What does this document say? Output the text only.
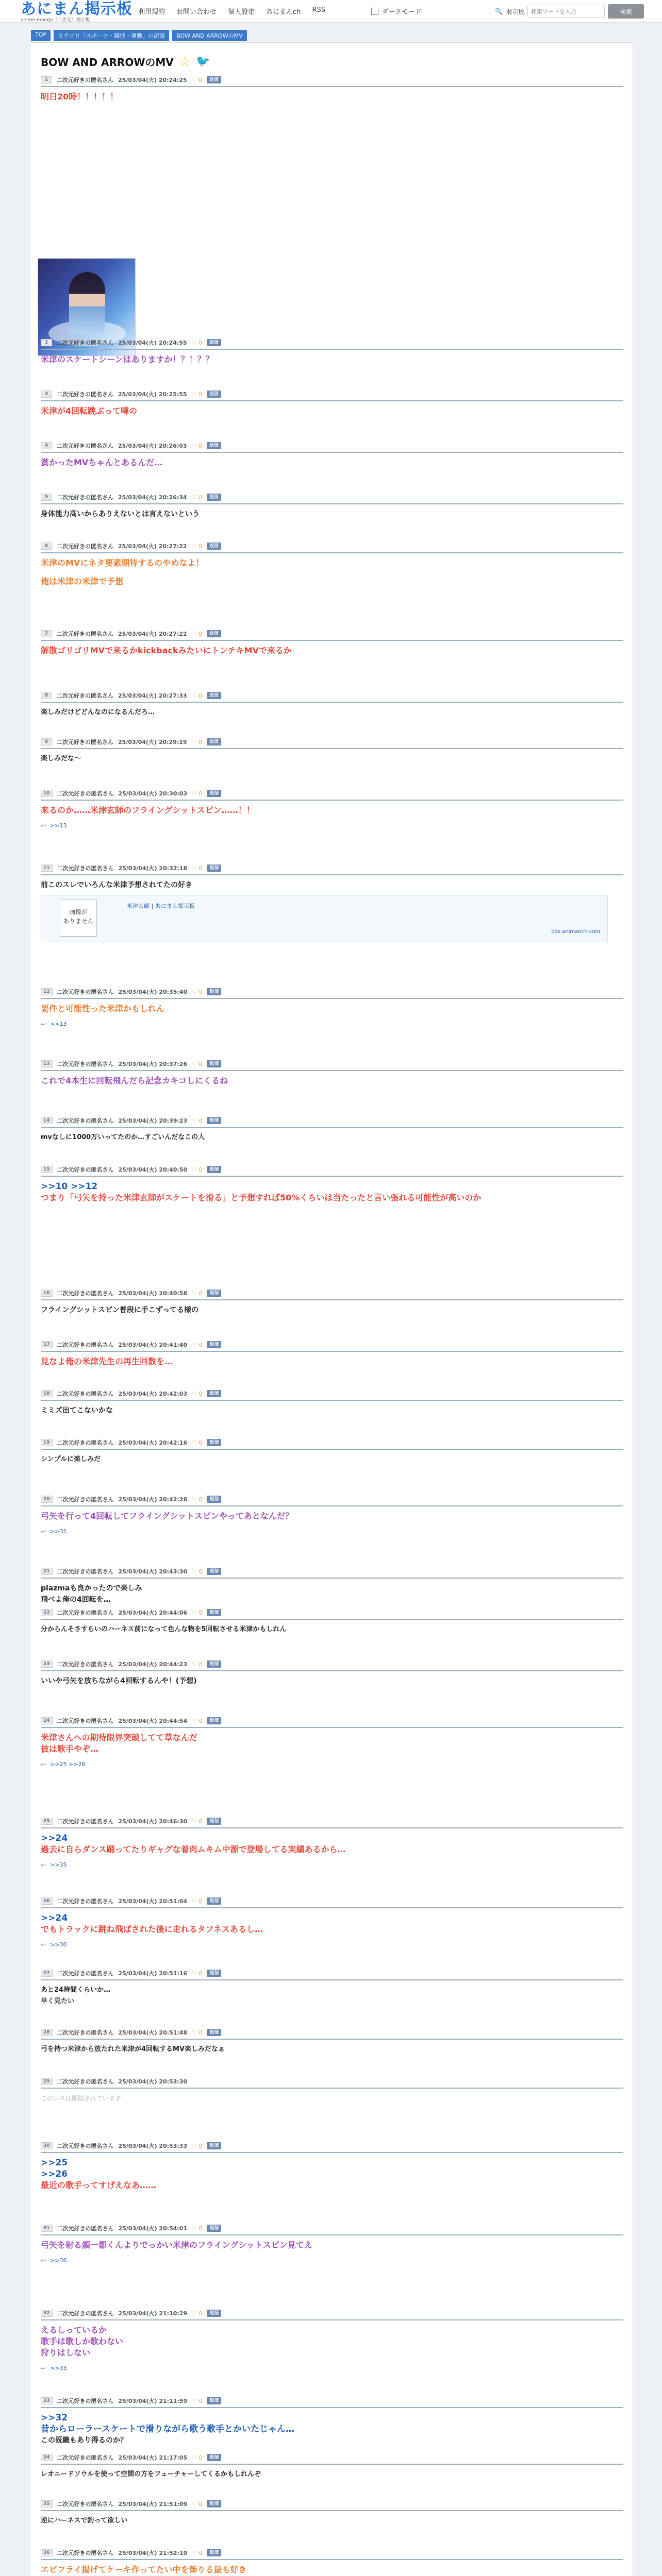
あにまん掲示板
anime-manga（二次元）掲示板
利用規約 お問い合わせ 個人設定 あにまんch RSS	ダークモード	🔍 掲示板
検索ワードを入力	検索
TOP	カテゴリ「スポーツ・競技・運動」の記事	BOW AND ARROWのMV
BOW AND ARROWのMV ☆ 🐦
1	二次元好きの匿名さん 25/03/04(火) 20:24:25 ♡ 0	返信
明日20時！！！！！
2	二次元好きの匿名さん 25/03/04(火) 20:24:55 ♡ 0	返信
米津のスケートシーンはありますか！？！？？
3	二次元好きの匿名さん 25/03/04(火) 20:25:55 ♡ 0	返信
米津が4回転跳ぶって噂の
4	二次元好きの匿名さん 25/03/04(火) 20:26:03 ♡ 0	返信
賞かったMVちゃんとあるんだ…
5	二次元好きの匿名さん 25/03/04(火) 20:26:34 ♡ 0	返信
身体能力高いからありえないとは言えないという
6	二次元好きの匿名さん 25/03/04(火) 20:27:22 ♡ 0	返信
米津のMVにネタ要素期待するのやめなよ！
俺は米津の米津で予想
7	二次元好きの匿名さん 25/03/04(火) 20:27:22 ♡ 0	返信
解散ゴリゴリMVで来るかkickbackみたいにトンチキMVで来るか
8	二次元好きの匿名さん 25/03/04(火) 20:27:33 ♡ 0	返信
楽しみだけどどんなのになるんだろ…
9	二次元好きの匿名さん 25/03/04(火) 20:29:19 ♡ 0	返信
楽しみだな〜
10	二次元好きの匿名さん 25/03/04(火) 20:30:03 ♡ 0	返信
来るのか……米津玄師のフライングシットスピン……！！
↩ >>13
11	二次元好きの匿名さん 25/03/04(火) 20:32:18 ♡ 0	返信
前このスレでいろんな米津予想されてたの好き
画像が
ありません
米津玄師 | あにまん掲示板
bbs.animanch.com
12	二次元好きの匿名さん 25/03/04(火) 20:35:40 ♡ 0	返信
要件と可能性った米津かもしれん
↩ >>13
13	二次元好きの匿名さん 25/03/04(火) 20:37:26 ♡ 0	返信
これで4本生に回転飛んだら記念カキコしにくるね
14	二次元好きの匿名さん 25/03/04(火) 20:39:23 ♡ 0	返信
mvなしに1000万いってたのか…すごいんだなこの人
15	二次元好きの匿名さん 25/03/04(火) 20:40:50 ♡ 0	返信
>>10 >>12
つまり「弓矢を持った米津玄師がスケートを滑る」と予想すれば50%くらいは当たったと言い張れる可能性が高いのか
16	二次元好きの匿名さん 25/03/04(火) 20:40:58 ♡ 0	返信
フライングシットスピン普段に手こずってる様の
17	二次元好きの匿名さん 25/03/04(火) 20:41:40 ♡ 0	返信
見なよ俺の米津先生の再生回数を…
18	二次元好きの匿名さん 25/03/04(火) 20:42:03 ♡ 0	返信
ミミズ出てこないかな
19	二次元好きの匿名さん 25/03/04(火) 20:42:16 ♡ 0	返信
シンプルに楽しみだ
20	二次元好きの匿名さん 25/03/04(火) 20:42:28 ♡ 0	返信
弓矢を行って4回転してフライングシットスピンやってあとなんだ？
↩ >>31
21	二次元好きの匿名さん 25/03/04(火) 20:43:30 ♡ 0	返信
plazmaも良かったので楽しみ
飛べよ俺の4回転を…
22	二次元好きの匿名さん 25/03/04(火) 20:44:06 ♡ 0	返信
分からんそさすらいのハーネス前になって色んな物を5回転させる米津かもしれん
23	二次元好きの匿名さん 25/03/04(火) 20:44:23 ♡ 0	返信
いいや弓矢を放ちながら4回転するんや！(予想)
24	二次元好きの匿名さん 25/03/04(火) 20:44:54 ♡ 0	返信
米津さんへの期待限界突破してて草なんだ
彼は歌手やぞ…
↩ >>25 >>26
25	二次元好きの匿名さん 25/03/04(火) 20:46:30 ♡ 0	返信
>>24
過去に自らダンス踊ってたりギャグな着肉ムキム中源で登場してる実績あるから…
↩ >>35
26	二次元好きの匿名さん 25/03/04(火) 20:51:04 ♡ 0	返信
>>24
でもトラックに跳ね飛ばされた後に走れるタフネスあるし…
↩ >>30
27	二次元好きの匿名さん 25/03/04(火) 20:51:16 ♡ 0	返信
あと24時間くらいか…
早く見たい
28	二次元好きの匿名さん 25/03/04(火) 20:51:48 ♡ 0	返信
弓を持つ米津から放たれた米津が4回転するMV楽しみだなぁ
29	二次元好きの匿名さん 25/03/04(火) 20:53:30
このレスは削除されています
30	二次元好きの匿名さん 25/03/04(火) 20:53:33 ♡ 0	返信
>>25
>>26
最近の歌手ってすげえなあ……
31	二次元好きの匿名さん 25/03/04(火) 20:54:01 ♡ 0	返信
弓矢を射る顔一都くんよりでっかい米津のフライングシットスピン見てえ
↩ >>36
32	二次元好きの匿名さん 25/03/04(火) 21:10:29 ♡ 0	返信
えるしっているか
歌手は歌しか歌わない
狩りはしない
↩ >>33
33	二次元好きの匿名さん 25/03/04(火) 21:11:59 ♡ 0	返信
>>32
昔からローラースケートで滑りながら歌う歌手とかいたじゃん…
この既織もあり得るのか？
34	二次元好きの匿名さん 25/03/04(火) 21:17:05 ♡ 0	返信
レオニードソウルを使って空間の方をフューチャーしてくるかもしれんぞ
35	二次元好きの匿名さん 25/03/04(火) 21:51:09 ♡ 0	返信
逆にハーネスで釣って欲しい
36	二次元好きの匿名さん 25/03/04(火) 21:52:10 ♡ 0	返信
エビフライ揚げてケーキ作ってたい中を飾りる最も好き
